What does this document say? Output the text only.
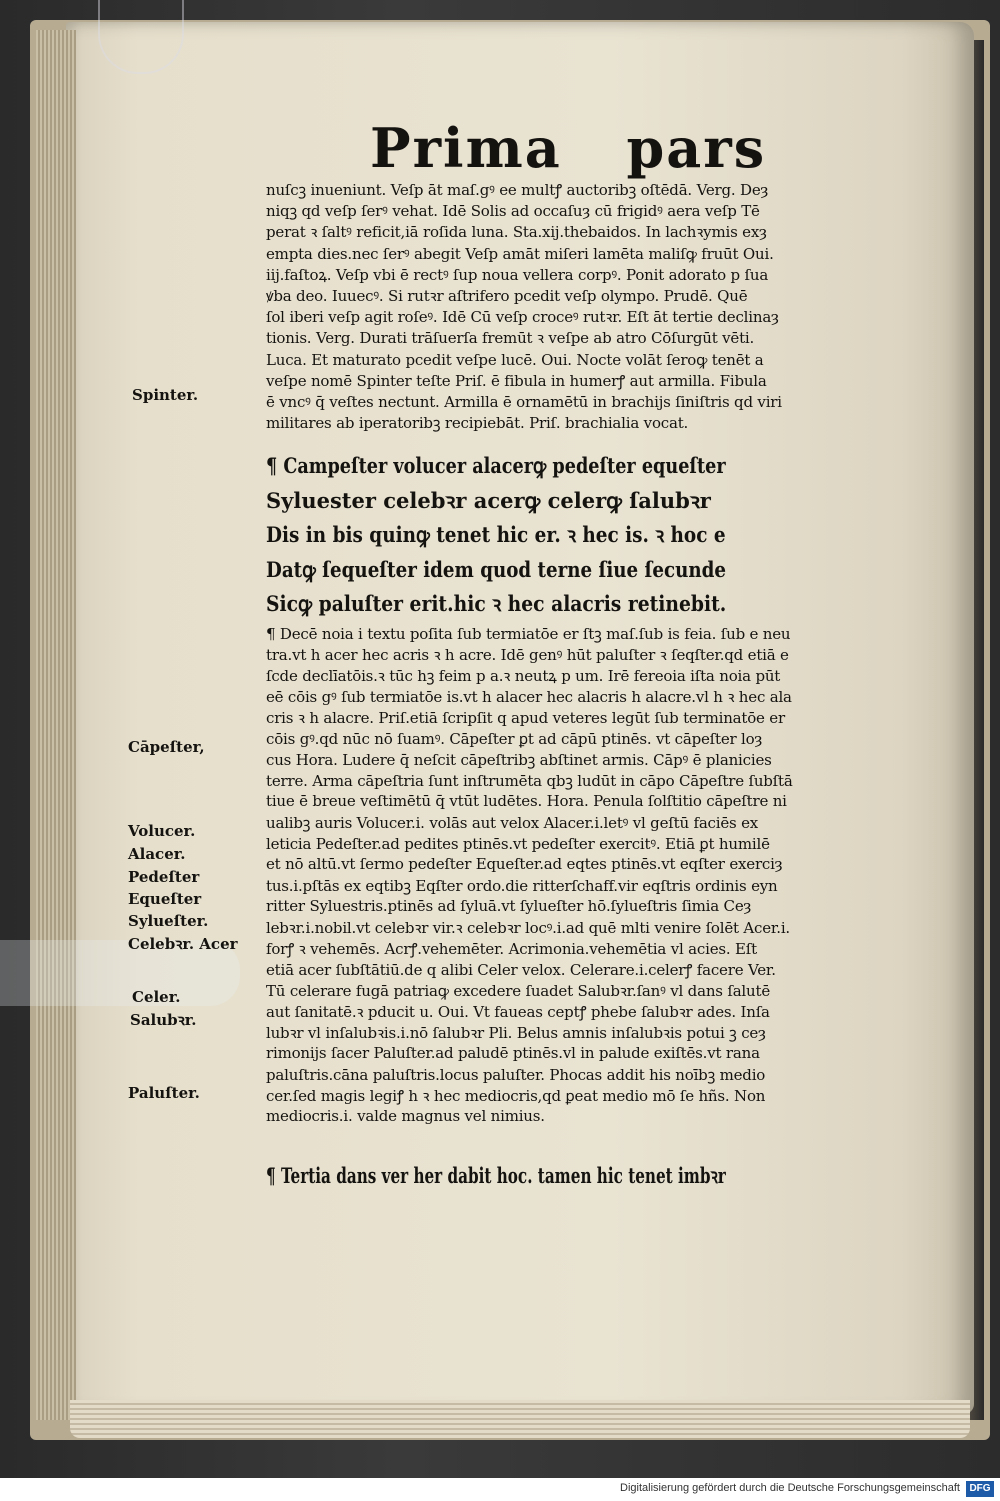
Prima pars
nuſcꝫ inueniunt. Veſp āt maſ.gꝰ ee multꝭ auctoribꝫ oſtēdā. Verg. Deȝ
niqꝫ qd veſp ſerꝰ vehat. Idē Solis ad occaſuȝ cū frigidꝰ aera veſp Tē
perat ꝛ ſaltꝰ reficit,iā roſida luna. Sta.xij.thebaidos. In lachꝛymis exȝ
empta dies.nec ſerꝰ abegit Veſp amāt miſeri lamēta maliſꝙ fruūt Oui.
iij.faſtoꝝ. Veſp vbi ē rectꝰ ſup noua vellera corpꝰ. Ponit adorato p ſua
ꝟba deo. Iuuecꝰ. Si rutꝛr aſtrifero pcedit veſp olympo. Prudē. Quē
ſol iberi veſp agit roſeꝰ. Idē Cū veſp croceꝰ rutꝛr. Eſt āt tertie declinaȝ
tionis. Verg. Durati trāſuerſa fremūt ꝛ veſpe ab atro Cōſurgūt vēti.
Luca. Et maturato pcedit veſpe lucē. Oui. Nocte volāt ſeroꝙ tenēt a
veſpe nomē Spinter teſte Priſ. ē fibula in humerꝭ aut armilla. Fibula
ē vncꝰ q̄ veſtes nectunt. Armilla ē ornamētū in brachijs ſiniſtris qd viri
militares ab iperatoribꝫ recipiebāt. Priſ. brachialia vocat.
¶ Campeſter volucer alacerꝙ pedeſter equeſter
Syluester celebꝛr acerꝙ celerꝙ ſalubꝛr
Dis in bis quinꝙ tenet hic er. ꝛ hec is. ꝛ hoc e
Datꝙ ſequeſter idem quod terne ſiue ſecunde
Sicꝙ paluſter erit.hic ꝛ hec alacris retinebit.
¶ Decē noia i textu poſita ſub termiatōe er ſtꝫ maſ.ſub is feia. ſub e neu
tra.vt h acer hec acris ꝛ h acre. Idē genꝰ hūt paluſter ꝛ ſeqſter.qd etiā e
ſcde declīatōis.ꝛ tūc hꝫ feim p a.ꝛ neutꝝ p um. Irē fereoia iſta noia pūt
eē cōis gꝰ ſub termiatōe is.vt h alacer hec alacris h alacre.vl h ꝛ hec ala
cris ꝛ h alacre. Priſ.etiā ſcripſit q apud veteres legūt ſub terminatōe er
cōis gꝰ.qd nūc nō ſuamꝰ. Cāpeſter ꝑt ad cāpū ptinēs. vt cāpeſter loȝ
cus Hora. Ludere q̄ neſcit cāpeſtribꝫ abſtinet armis. Cāpꝰ ē planicies
terre. Arma cāpeſtria ſunt inſtrumēta qbꝫ ludūt in cāpo Cāpeſtre ſubſtā
tiue ē breue veſtimētū q̄ vtūt ludētes. Hora. Penula ſolſtitio cāpeſtre ni
ualibꝫ auris Volucer.i. volās aut velox Alacer.i.letꝰ vl geſtū faciēs ex
leticia Pedeſter.ad pedites ptinēs.vt pedeſter exercitꝰ. Etiā ꝑt humilē
et nō altū.vt ſermo pedeſter Equeſter.ad eqtes ptinēs.vt eqſter exerciȝ
tus.i.pſtās ex eqtibꝫ Eqſter ordo.die ritterſchaff.vir eqſtris ordinis eyn
ritter Syluestris.ptinēs ad ſyluā.vt ſylueſter hō.ſylueſtris ſimia Ceȝ
lebꝛr.i.nobil.vt celebꝛr vir.ꝛ celebꝛr locꝰ.i.ad quē mlti venire ſolēt Acer.i.
forꝭ ꝛ vehemēs. Acrꝭ.vehemēter. Acrimonia.vehemētia vl acies. Eſt
etiā acer ſubſtātiū.de q alibi Celer velox. Celerare.i.celerꝭ facere Ver.
Tū celerare fugā patriaꝙ excedere ſuadet Salubꝛr.ſanꝰ vl dans ſalutē
aut ſanitatē.ꝛ pducit u. Oui. Vt faueas ceptꝭ phebe ſalubꝛr ades. Inſa
lubꝛr vl inſalubꝛis.i.nō ſalubꝛr Pli. Belus amnis inſalubꝛis potui ꝫ ceȝ
rimonijs ſacer Paluſter.ad paludē ptinēs.vl in palude exiſtēs.vt rana
paluſtris.cāna paluſtris.locus paluſter. Phocas addit his noībꝫ medio
cer.ſed magis legiꝭ h ꝛ hec mediocris,qd ꝑeat medio mō ſe hñs. Non
mediocris.i. valde magnus vel nimius.
¶ Tertia dans ver her dabit hoc. tamen hic tenet imbꝛr
Spinter.
Cāpeſter,
Volucer.
Alacer.
Pedeſter
Equeſter
Sylueſter.
Celebꝛr. Acer
Celer.
Salubꝛr.
Paluſter.
Digitalisierung gefördert durch die Deutsche Forschungsgemeinschaft DFG
